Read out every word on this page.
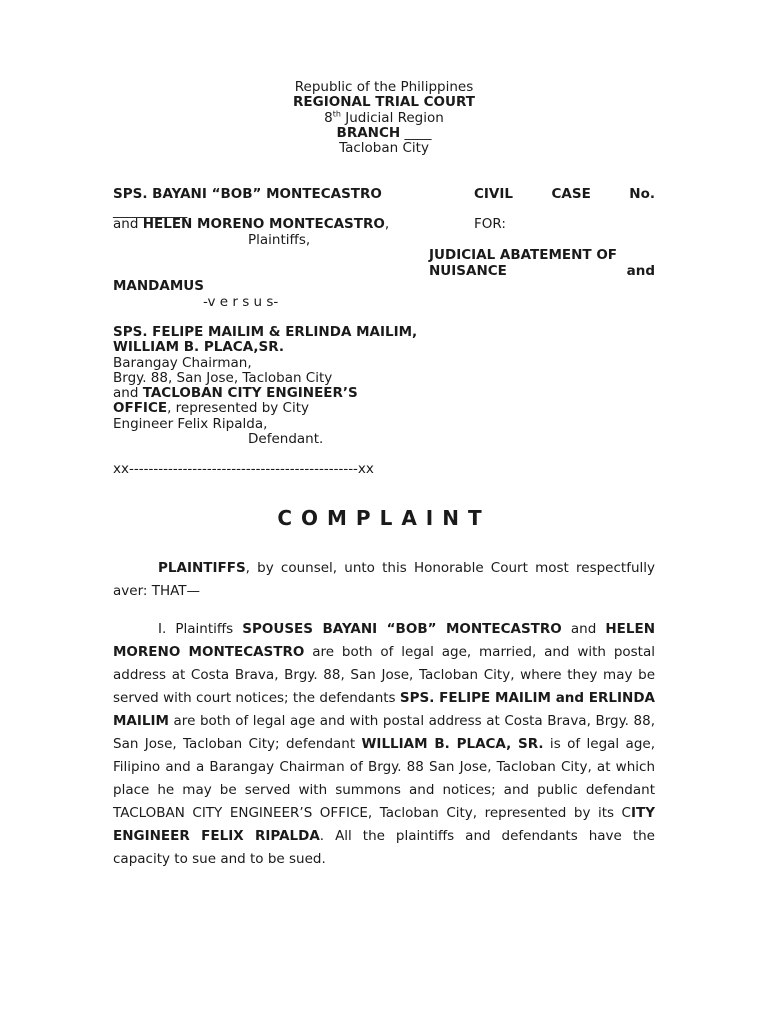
Republic of the Philippines
REGIONAL TRIAL COURT
8th Judicial Region
BRANCH ____
Tacloban City
SPS. BAYANI “BOB” MONTECASTRO	CIVIL	CASE	No.
___________
and HELEN MORENO MONTECASTRO,	FOR:
Plaintiffs,
JUDICIAL ABATEMENT OF
NUISANCE	and
MANDAMUS
-v e r s u s-
SPS. FELIPE MAILIM & ERLINDA MAILIM,
WILLIAM B. PLACA,SR.
Barangay Chairman,
Brgy. 88, San Jose, Tacloban City
and TACLOBAN CITY ENGINEER’S
OFFICE, represented by City
Engineer Felix Ripalda,
Defendant.
xx-----------------------------------------------xx
COMPLAINT
PLAINTIFFS, by counsel, unto this Honorable Court most respectfully aver: THAT—
I. Plaintiffs SPOUSES BAYANI “BOB” MONTECASTRO and HELEN MORENO MONTECASTRO are both of legal age, married, and with postal address at Costa Brava, Brgy. 88, San Jose, Tacloban City, where they may be served with court notices; the defendants SPS. FELIPE MAILIM and ERLINDA MAILIM are both of legal age and with postal address at Costa Brava, Brgy. 88, San Jose, Tacloban City; defendant WILLIAM B. PLACA, SR. is of legal age, Filipino and a Barangay Chairman of Brgy. 88 San Jose, Tacloban City, at which place he may be served with summons and notices; and public defendant TACLOBAN CITY ENGINEER’S OFFICE, Tacloban City, represented by its CITY ENGINEER FELIX RIPALDA. All the plaintiffs and defendants have the capacity to sue and to be sued.
